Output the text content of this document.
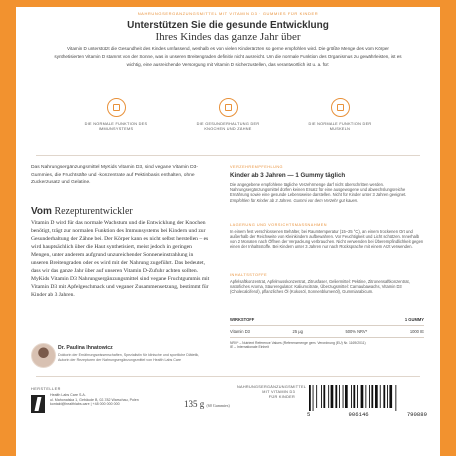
NAHRUNGSERGÄNZUNGSMITTEL MIT VITAMIN D3 · GUMMIES FÜR KINDER
Unterstützen Sie die gesunde Entwicklung
Ihres Kindes das ganze Jahr über
Vitamin D unterstützt die Gesundheit des Kindes umfassend, weshalb es von vielen Kinderärzten so gerne empfohlen wird. Die größte Menge des vom Körper synthetisierten Vitamin D stammt von der Sonne, was in unseren Breitengraden definitiv nicht ausreicht. Um die normale Funktion des Organismus zu gewährleisten, ist es wichtig, eine ausreichende Versorgung mit Vitamin D sicherzustellen, das verantwortlich ist u. a. für:
DIE NORMALE FUNKTION DES IMMUNSYSTEMS
DIE GESUNDERHALTUNG DER KNOCHEN UND ZÄHNE
DIE NORMALE FUNKTION DER MUSKELN
Das Nahrungsergänzungsmittel MyKids Vitamin D3, sind vegane Vitamin D3-Gummies, die Fruchtsäfte und -konzentrate auf Pektinbasis enthalten, ohne Zuckerzusatz und Gelatine.
Vom Rezepturentwickler
Vitamin D wird für das normale Wachstum und die Entwicklung der Knochen benötigt, trägt zur normalen Funktion des Immunsystems bei Kindern und zur Gesunderhaltung der Zähne bei. Der Körper kann es nicht selbst herstellen – es wird hauptsächlich über die Haut synthetisiert, meist jedoch in geringen Mengen, unter anderem aufgrund unzureichender Sonneneinstrahlung in unseren Breitengraden oder es wird mit der Nahrung zugeführt. Das bedeutet, dass wir das ganze Jahr über auf unseren Vitamin D-Zufuhr achten sollten. MyKids Vitamin D3 Nahrungsergänzungsmittel sind vegane Fruchtgummis mit Vitamin D3 mit Apfelgeschmack und veganer Zusammensetzung, bestimmt für Kinder ab 3 Jahren.
Dr. Paulina Ihnatowicz
Doktorin der Ernährungswissenschaften, Spezialistin für klinische und sportliche Diätetik, Autorin der Rezepturen der Nahrungsergänzungsmittel von Health Labs Care
VERZEHREMPFEHLUNG
Kinder ab 3 Jahren — 1 Gummy täglich
Die angegebene empfohlene tägliche Verzehrmenge darf nicht überschritten werden. Nahrungsergänzungsmittel dürfen keinen Ersatz für eine ausgewogene und abwechslungsreiche Ernährung sowie eine gesunde Lebensweise darstellen. Nicht für Kinder unter 3 Jahren geeignet.
Empfohlen für Kinder ab 3 Jahren. Gummi vor dem Verzehr gut kauen.
LAGERUNG UND VORSICHTSMASSNAHMEN
In einem fest verschlossenen Behälter, bei Raumtemperatur (15–25 °C), an einem trockenen Ort und außerhalb der Reichweite von Kleinkindern aufbewahren. Vor Feuchtigkeit und Licht schützen. Innerhalb von 2 Monaten nach Öffnen der Verpackung verbrauchen. Nicht verwenden bei Überempfindlichkeit gegen einen der Inhaltsstoffe. Bei Kindern unter 3 Jahren nur nach Rücksprache mit einem Arzt verwenden.
INHALTSSTOFFE
Apfelsaftkonzentrat, Apfelmusskonzentrat, Zitrusfaser, Geliermittel: Pektine, Zitronensaftkonzentrat, natürliches Aroma, Säureregulator: Kaliumcitrate, Überzugsmittel: Carnaubawachs, Vitamin D3 (Cholecalciferol), pflanzliches Öl (Kokosöl, Sonnenblumenöl), Gummiarabicum.
WIRKSTOFF	1 GUMMY
Vitamin D3	25 µg	500% NRV*	1000 IE
NRV* – Nutrient Reference Values (Referenzmenge gem. Verordnung (EU) Nr. 1169/2011)
IE – Internationale Einheit
HERSTELLER
Health Labs Care S.A.
ul. Mahonalska 1, Gebäude B, 02-782 Warschau, Polen
kontakt@healthlabs.care | +48 000 000 000	135 g (60 Gummies)
NAHRUNGSERGÄNZUNGSMITTEL
MIT VITAMIN D3
FÜR KINDER
5	906146	790889
